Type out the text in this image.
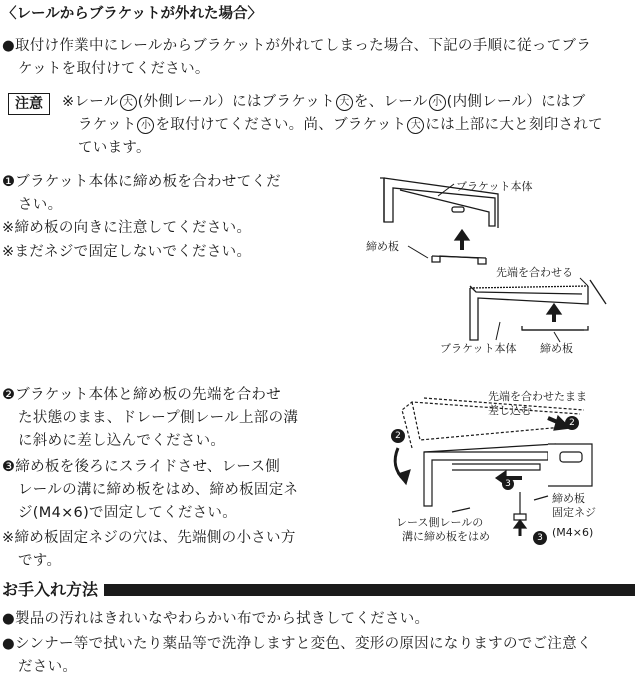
〈レールからブラケットが外れた場合〉
●取付け作業中にレールからブラケットが外れてしまった場合、下記の手順に従ってブラ
ケットを取付けてください。
注意	※レール 大 (外側レール）にはブラケット 大 を、レール 小 (内側レール）にはブ
ラケット 小 を取付けてください。尚、ブラケット 大 には上部に大と刻印されて
ています。
❶ブラケット本体に締め板を合わせてくだ
さい。
※締め板の向きに注意してください。
※まだネジで固定しないでください。
ブラケット本体
締め板
先端を合わせる
ブラケット本体 締め板
❷ブラケット本体と締め板の先端を合わせ
た状態のまま、ドレープ側レール上部の溝
に斜めに差し込んでください。
❸締め板を後ろにスライドさせ、レース側
レールの溝に締め板をはめ、締め板固定ネ
ジ(M4×6)で固定してください。
※締め板固定ネジの穴は、先端側の小さい方
です。
2
2
3
3
先端を合わせたまま
差し込む
レース側レールの
溝に締め板をはめ
締め板
固定ネジ
(M4×6)
お手入れ方法
●製品の汚れはきれいなやわらかい布でから拭きしてください。
●シンナー等で拭いたり薬品等で洗浄しますと変色、変形の原因になりますのでご注意く
ださい。
